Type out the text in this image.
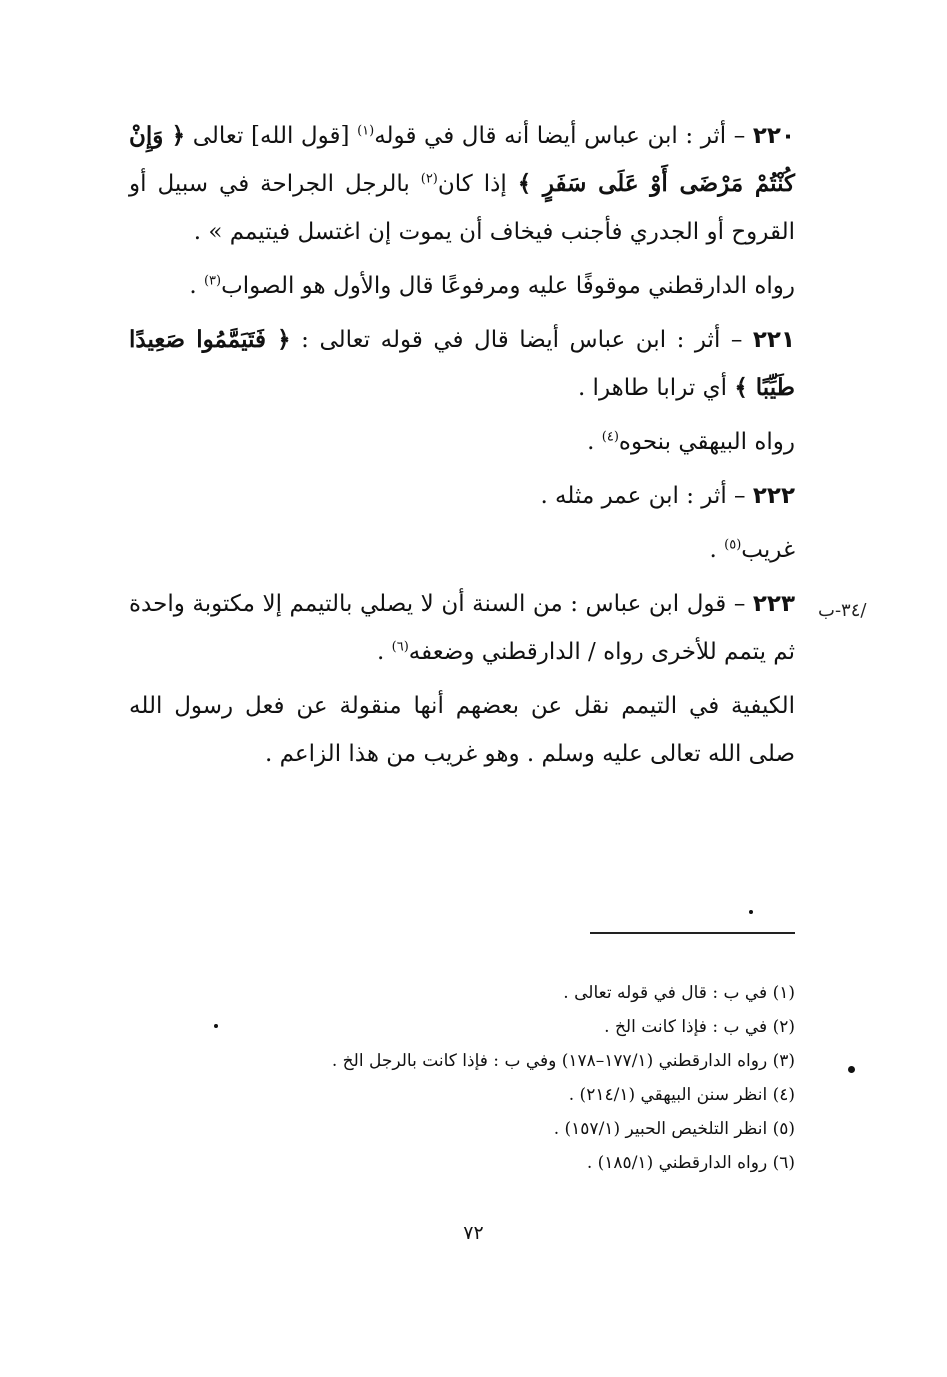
٢٢٠ – أثر : ابن عباس أيضا أنه قال في قوله$^{(١)}$ [قول الله] تعالى ﴿ وَإِنْ كُنْتُمْ مَرْضَى أَوْ عَلَى سَفَرٍ ﴾ إذا كان$^{(٢)}$ بالرجل الجراحة في سبيل أو القروح أو الجدري فأجنب فيخاف أن يموت إن اغتسل فيتيمم » .

رواه الدارقطني موقوفًا عليه ومرفوعًا قال والأول هو الصواب$^{(٣)}$ .

٢٢١ – أثر : ابن عباس أيضا قال في قوله تعالى : ﴿ فَتَيَمَّمُوا صَعِيدًا طَيِّبًا ﴾ أي ترابا طاهرا .

رواه البيهقي بنحوه$^{(٤)}$ .

٢٢٢ – أثر : ابن عمر مثله .

غريب$^{(٥)}$ .

٢٢٣ – قول ابن عباس : من السنة أن لا يصلي بالتيمم إلا مكتوبة واحدة ثم يتمم للأخرى رواه / الدارقطني وضعفه$^{(٦)}$ .

الكيفية في التيمم نقل عن بعضهم أنها منقولة عن فعل رسول الله صلى الله تعالى عليه وسلم . وهو غريب من هذا الزاعم .

/٣٤-ب

(١) في ب : قال في قوله تعالى .

(٢) في ب : فإذا كانت الخ .

(٣) رواه الدارقطني (١٧٧/١–١٧٨) وفي ب : فإذا كانت بالرجل الخ .

(٤) انظر سنن البيهقي (٢١٤/١) .

(٥) انظر التلخيص الحبير (١٥٧/١) .

(٦) رواه الدارقطني (١٨٥/١) .

٧٢
